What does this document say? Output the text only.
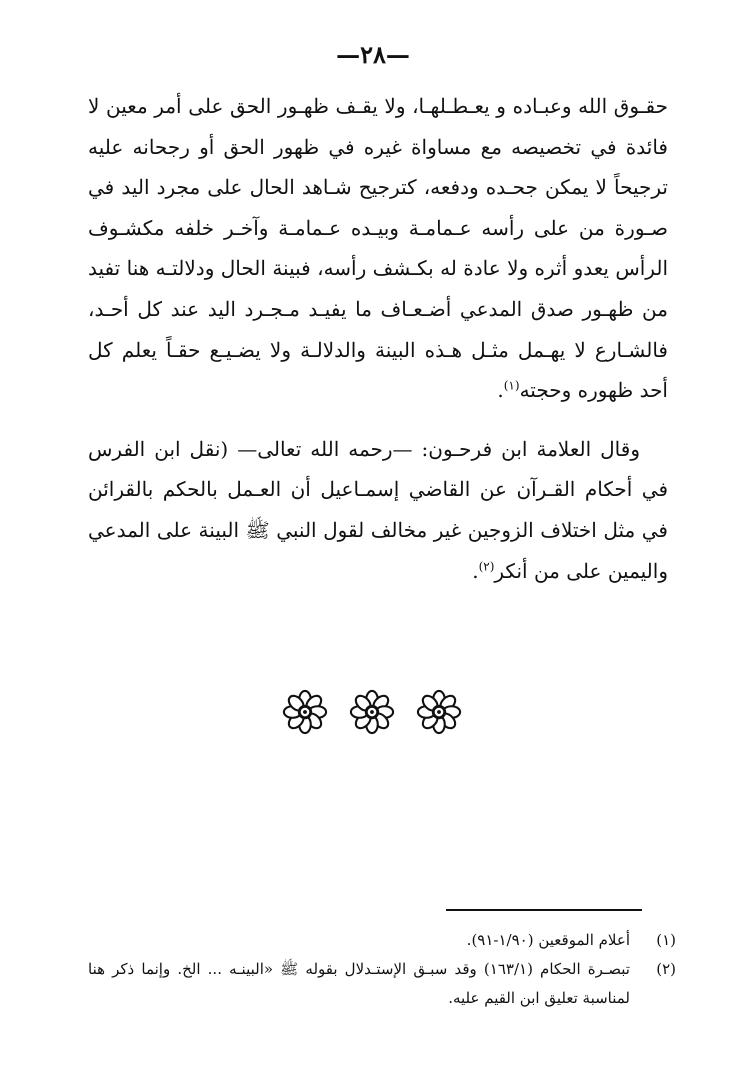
—٢٨—

حقـوق الله وعبـاده و يعـطـلهـا، ولا يقـف ظهـور الحق على أمر معين لا فائدة في تخصيصه مع مساواة غيره في ظهور الحق أو رجحانه عليه ترجيحاً لا يمكن جحـده ودفعه، كترجيح شـاهد الحال على مجرد اليد في صـورة من على رأسه عـمامـة وبيـده عـمامـة وآخـر خلفه مكشـوف الرأس يعدو أثره ولا عادة له بكـشف رأسه، فبينة الحال ودلالتـه هنا تفيد من ظهـور صدق المدعي أضـعـاف ما يفيـد مـجـرد اليد عند كل أحـد، فالشـارع لا يهـمل مثـل هـذه البينة والدلالـة ولا يضـيـع حقـاً يعلم كل أحد ظهوره وحجته$^{(١)}$.

وقال العلامة ابن فرحـون: —رحمه الله تعالى— (نقل ابن الفرس في أحكام القـرآن عن القاضي إسمـاعيل أن العـمل بالحكم بالقرائن في مثل اختلاف الزوجين غير مخالف لقول النبي ﷺ البينة على المدعي واليمين على من أنكر$^{(٢)}$.

(١)
أعلام الموقعين (١/٩٠-٩١).
(٢)
تبصـرة الحكام (١٦٣/١) وقد سبـق الإستـدلال بقوله ﷺ «البينـه ... الخ. وإنما ذكر هنا لمناسبة تعليق ابن القيم عليه.
